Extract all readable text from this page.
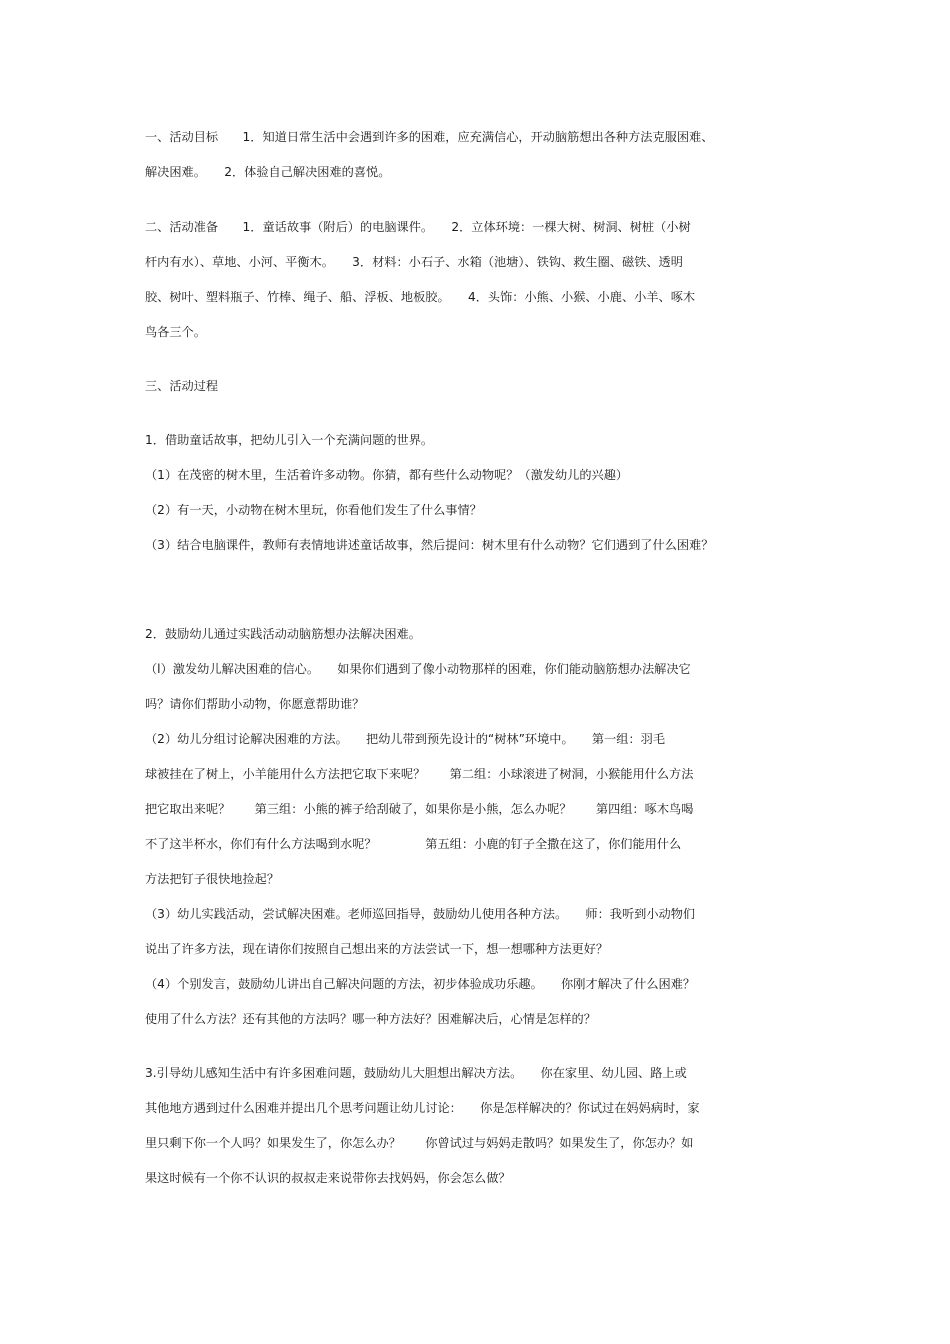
一、活动目标　　1．知道日常生活中会遇到许多的困难，应充满信心，开动脑筋想出各种方法克服困难、
解决困难。　　2．体验自己解决困难的喜悦。
二、活动准备　　1．童话故事（附后）的电脑课件。　　2．立体环境：一棵大树、树洞、树桩（小树
杆内有水）、草地、小河、平衡木。　　3．材料：小石子、水箱（池塘）、铁钩、救生圈、磁铁、透明
胶、树叶、塑料瓶子、竹棒、绳子、船、浮板、地板胶。　　4．头饰：小熊、小猴、小鹿、小羊、啄木
鸟各三个。
三、活动过程
1．借助童话故事，把幼儿引入一个充满问题的世界。
（1）在茂密的树木里，生活着许多动物。你猜，都有些什么动物呢？（激发幼儿的兴趣）
（2）有一天，小动物在树木里玩，你看他们发生了什么事情？
（3）结合电脑课件，教师有表情地讲述童话故事，然后提问：树木里有什么动物？它们遇到了什么困难？
2．鼓励幼儿通过实践活动动脑筋想办法解决困难。
（l）激发幼儿解决困难的信心。　　如果你们遇到了像小动物那样的困难，你们能动脑筋想办法解决它
吗？请你们帮助小动物，你愿意帮助谁？
（2）幼儿分组讨论解决困难的方法。　　把幼儿带到预先设计的“树林”环境中。　　第一组：羽毛
球被挂在了树上，小羊能用什么方法把它取下来呢？　　第二组：小球滚进了树洞，小猴能用什么方法
把它取出来呢？　　第三组：小熊的裤子给刮破了，如果你是小熊，怎么办呢？　　第四组：啄木鸟喝
不了这半杯水，你们有什么方法喝到水呢？　　　　第五组：小鹿的钉子全撒在这了，你们能用什么
方法把钉子很快地捡起？
（3）幼儿实践活动，尝试解决困难。老师巡回指导，鼓励幼儿使用各种方法。　　师：我听到小动物们
说出了许多方法，现在请你们按照自己想出来的方法尝试一下，想一想哪种方法更好？
（4）个别发言，鼓励幼儿讲出自己解决问题的方法，初步体验成功乐趣。　　你刚才解决了什么困难？
使用了什么方法？还有其他的方法吗？哪一种方法好？困难解决后，心情是怎样的？
3.引导幼儿感知生活中有许多困难问题，鼓励幼儿大胆想出解决方法。　　你在家里、幼儿园、路上或
其他地方遇到过什么困难并提出几个思考问题让幼儿讨论：　　你是怎样解决的？你试过在妈妈病时，家
里只剩下你一个人吗？如果发生了，你怎么办？　　你曾试过与妈妈走散吗？如果发生了，你怎办？如
果这时候有一个你不认识的叔叔走来说带你去找妈妈，你会怎么做？
